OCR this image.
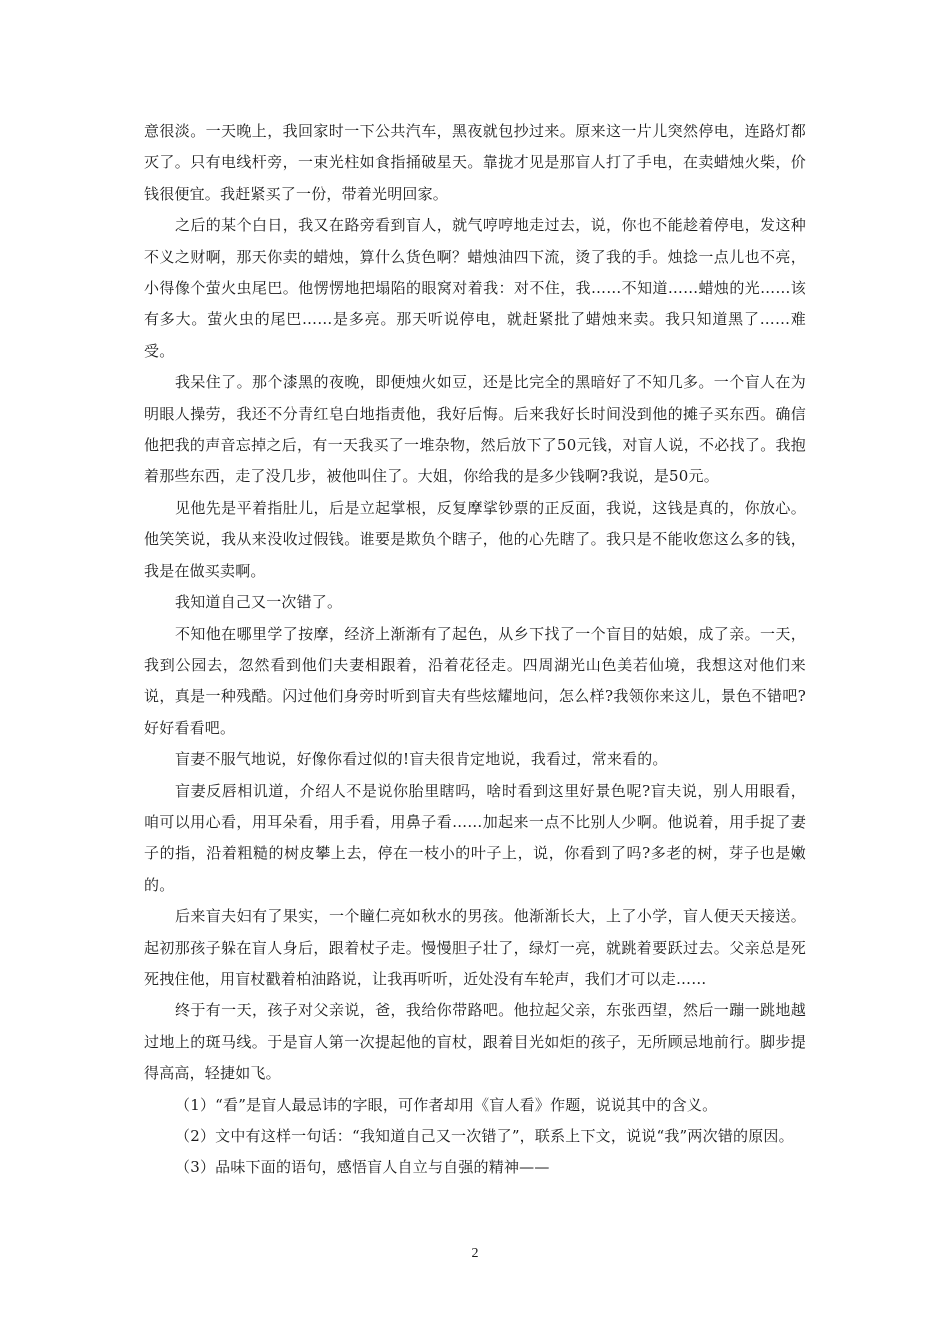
意很淡。一天晚上，我回家时一下公共汽车，黑夜就包抄过来。原来这一片儿突然停电，连路灯都灭了。只有电线杆旁，一束光柱如食指捅破星天。靠拢才见是那盲人打了手电，在卖蜡烛火柴，价钱很便宜。我赶紧买了一份，带着光明回家。

之后的某个白日，我又在路旁看到盲人，就气哼哼地走过去，说，你也不能趁着停电，发这种不义之财啊，那天你卖的蜡烛，算什么货色啊？蜡烛油四下流，烫了我的手。烛捻一点儿也不亮，小得像个萤火虫尾巴。他愣愣地把塌陷的眼窝对着我：对不住，我……不知道……蜡烛的光……该有多大。萤火虫的尾巴……是多亮。那天听说停电，就赶紧批了蜡烛来卖。我只知道黑了……难受。

我呆住了。那个漆黑的夜晚，即便烛火如豆，还是比完全的黑暗好了不知几多。一个盲人在为明眼人操劳，我还不分青红皂白地指责他，我好后悔。后来我好长时间没到他的摊子买东西。确信他把我的声音忘掉之后，有一天我买了一堆杂物，然后放下了50元钱，对盲人说，不必找了。我抱着那些东西，走了没几步，被他叫住了。大姐，你给我的是多少钱啊?我说，是50元。

见他先是平着指肚儿，后是立起掌根，反复摩挲钞票的正反面，我说，这钱是真的，你放心。他笑笑说，我从来没收过假钱。谁要是欺负个瞎子，他的心先瞎了。我只是不能收您这么多的钱，我是在做买卖啊。

我知道自己又一次错了。

不知他在哪里学了按摩，经济上渐渐有了起色，从乡下找了一个盲目的姑娘，成了亲。一天，我到公园去，忽然看到他们夫妻相跟着，沿着花径走。四周湖光山色美若仙境，我想这对他们来说，真是一种残酷。闪过他们身旁时听到盲夫有些炫耀地问，怎么样?我领你来这儿，景色不错吧?好好看看吧。

盲妻不服气地说，好像你看过似的!盲夫很肯定地说，我看过，常来看的。

盲妻反唇相讥道，介绍人不是说你胎里瞎吗，啥时看到这里好景色呢?盲夫说，别人用眼看，咱可以用心看，用耳朵看，用手看，用鼻子看……加起来一点不比别人少啊。他说着，用手捉了妻子的指，沿着粗糙的树皮攀上去，停在一枝小的叶子上，说，你看到了吗?多老的树，芽子也是嫩的。

后来盲夫妇有了果实，一个瞳仁亮如秋水的男孩。他渐渐长大，上了小学，盲人便天天接送。起初那孩子躲在盲人身后，跟着杖子走。慢慢胆子壮了，绿灯一亮，就跳着要跃过去。父亲总是死死拽住他，用盲杖戳着柏油路说，让我再听听，近处没有车轮声，我们才可以走……

终于有一天，孩子对父亲说，爸，我给你带路吧。他拉起父亲，东张西望，然后一蹦一跳地越过地上的斑马线。于是盲人第一次提起他的盲杖，跟着目光如炬的孩子，无所顾忌地前行。脚步提得高高，轻捷如飞。

（1）“看”是盲人最忌讳的字眼，可作者却用《盲人看》作题，说说其中的含义。

（2）文中有这样一句话：“我知道自己又一次错了”，联系上下文，说说“我”两次错的原因。

（3）品味下面的语句，感悟盲人自立与自强的精神——

2
